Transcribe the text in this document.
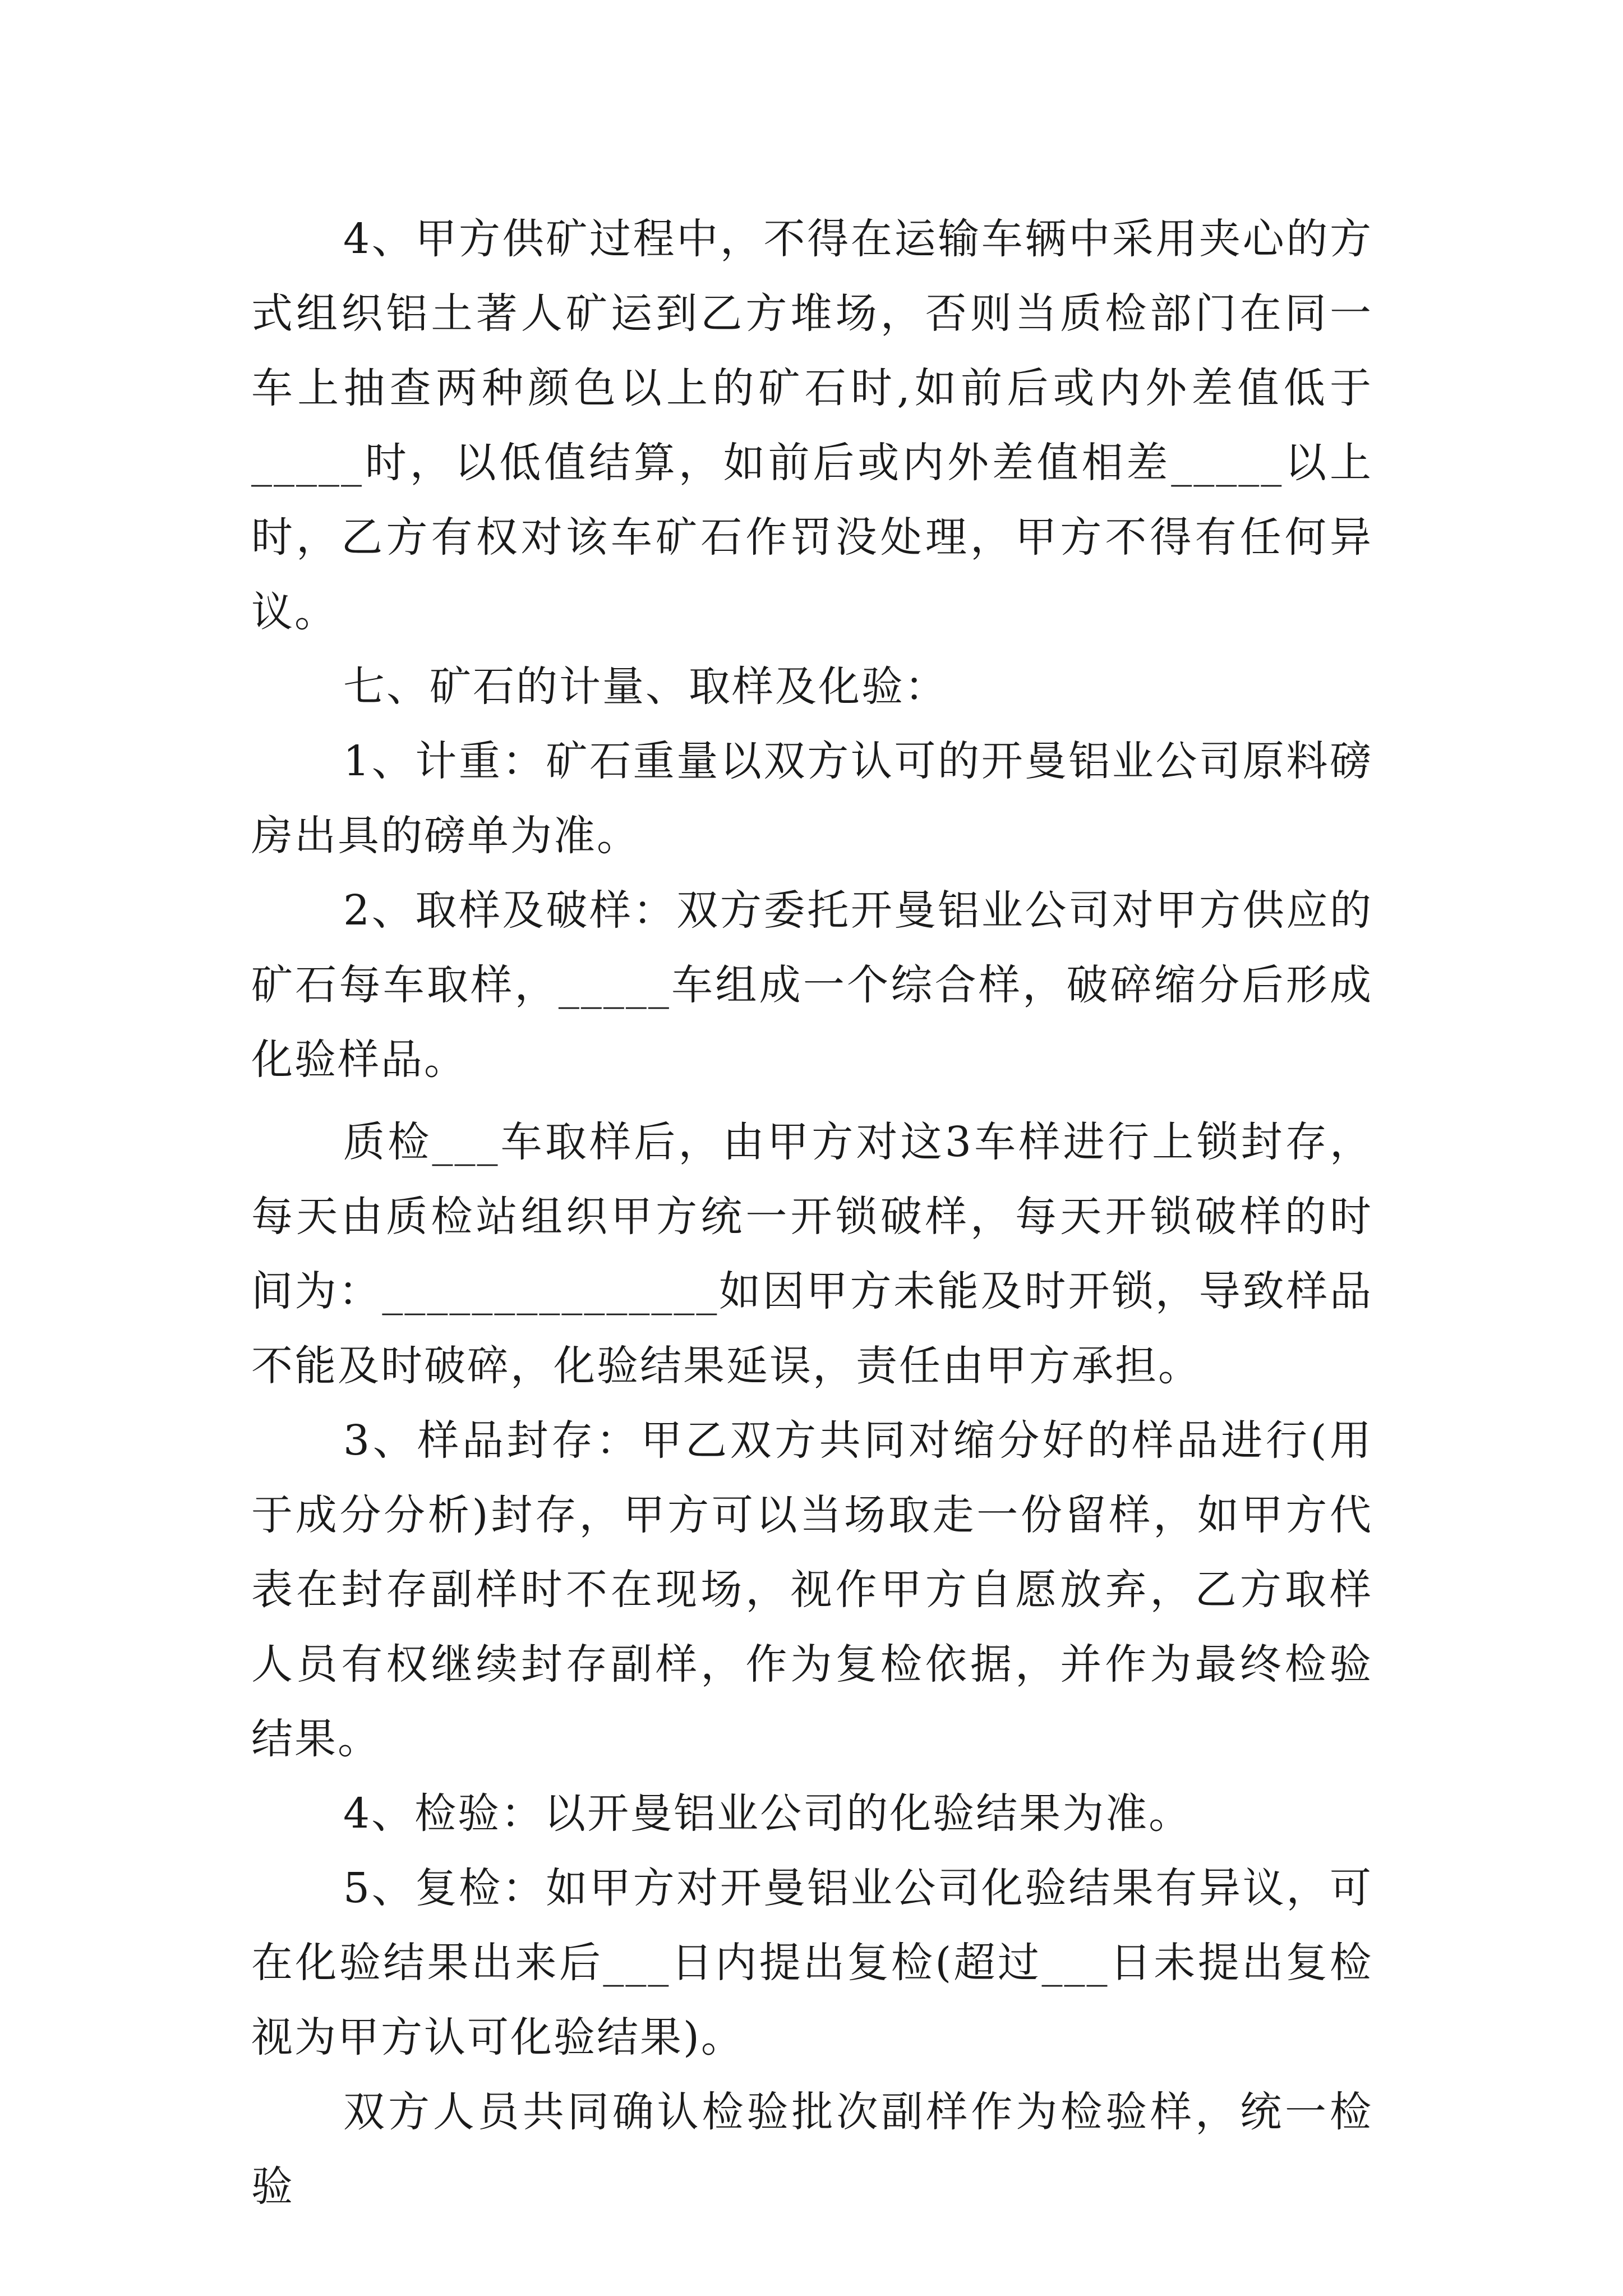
4、甲方供矿过程中，不得在运输车辆中采用夹心的方式组织铝土著人矿运到乙方堆场，否则当质检部门在同一车上抽查两种颜色以上的矿石时,如前后或内外差值低于_____时，以低值结算，如前后或内外差值相差_____以上时，乙方有权对该车矿石作罚没处理，甲方不得有任何异议。

七、矿石的计量、取样及化验：

1、计重：矿石重量以双方认可的开曼铝业公司原料磅房出具的磅单为准。

2、取样及破样：双方委托开曼铝业公司对甲方供应的矿石每车取样，_____车组成一个综合样，破碎缩分后形成化验样品。

质检___车取样后，由甲方对这3车样进行上锁封存，每天由质检站组织甲方统一开锁破样，每天开锁破样的时间为：_______________如因甲方未能及时开锁，导致样品不能及时破碎，化验结果延误，责任由甲方承担。

3、样品封存：甲乙双方共同对缩分好的样品进行(用于成分分析)封存，甲方可以当场取走一份留样，如甲方代表在封存副样时不在现场，视作甲方自愿放弃，乙方取样人员有权继续封存副样，作为复检依据，并作为最终检验结果。

4、检验：以开曼铝业公司的化验结果为准。

5、复检：如甲方对开曼铝业公司化验结果有异议，可在化验结果出来后___日内提出复检(超过___日未提出复检视为甲方认可化验结果)。

双方人员共同确认检验批次副样作为检验样，统一检验
